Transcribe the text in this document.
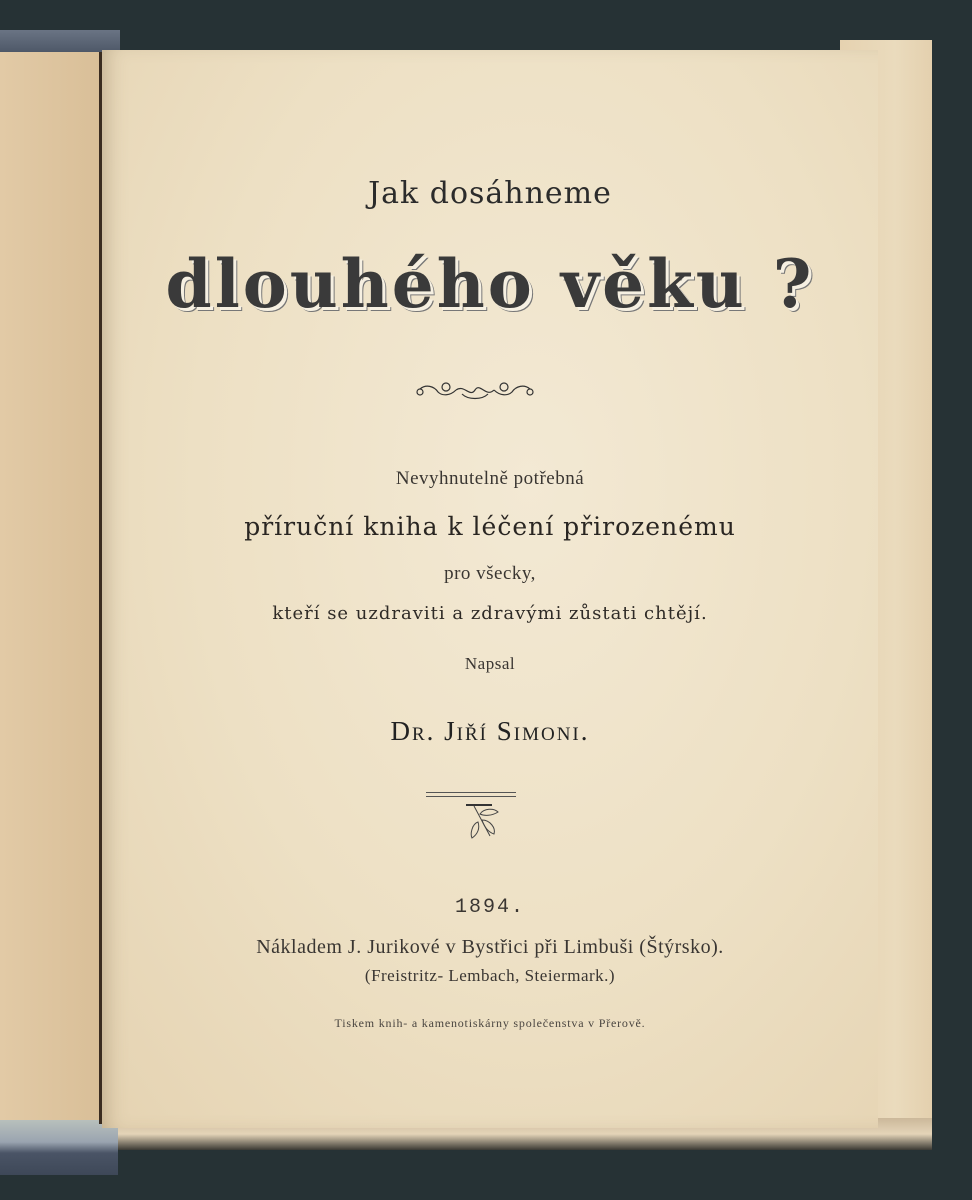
Jak dosáhneme
dlouhého věku ?
Nevyhnutelně potřebná
příruční kniha k léčení přirozenému
pro všecky,
kteří se uzdraviti a zdravými zůstati chtějí.
Napsal
Dr. Jiří Simoni.
1894.
Nákladem J. Jurikové v Bystřici při Limbuši (Štýrsko).
(Freistritz- Lembach, Steiermark.)
Tiskem knih- a kamenotiskárny společenstva v Přerově.
